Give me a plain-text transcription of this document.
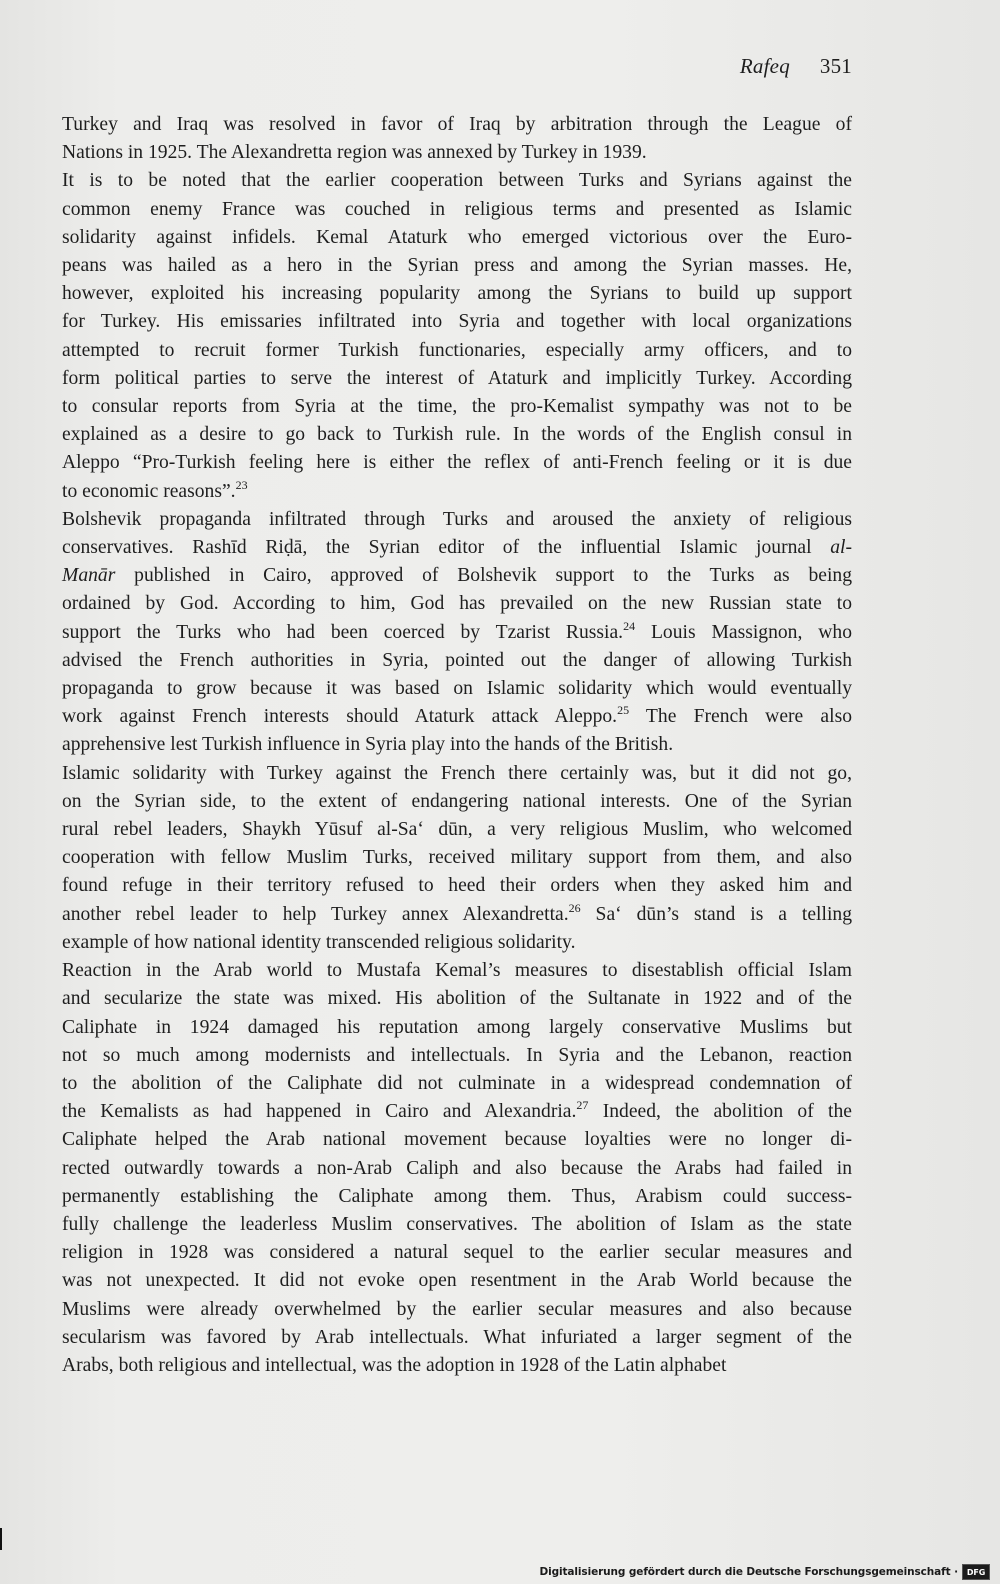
Rafeq 351

Turkey and Iraq was resolved in favor of Iraq by arbitration through the League of
Nations in 1925. The Alexandretta region was annexed by Turkey in 1939.

It is to be noted that the earlier cooperation between Turks and Syrians against the
common enemy France was couched in religious terms and presented as Islamic
solidarity against infidels. Kemal Ataturk who emerged victorious over the Euro-
peans was hailed as a hero in the Syrian press and among the Syrian masses. He,
however, exploited his increasing popularity among the Syrians to build up support
for Turkey. His emissaries infiltrated into Syria and together with local organizations
attempted to recruit former Turkish functionaries, especially army officers, and to
form political parties to serve the interest of Ataturk and implicitly Turkey. According
to consular reports from Syria at the time, the pro-Kemalist sympathy was not to be
explained as a desire to go back to Turkish rule. In the words of the English consul in
Aleppo “Pro-Turkish feeling here is either the reflex of anti-French feeling or it is due
to economic reasons”.$^{23}$

Bolshevik propaganda infiltrated through Turks and aroused the anxiety of religious
conservatives. Rashīd Riḍā, the Syrian editor of the influential Islamic journal al-
Manār published in Cairo, approved of Bolshevik support to the Turks as being
ordained by God. According to him, God has prevailed on the new Russian state to
support the Turks who had been coerced by Tzarist Russia.$^{24}$ Louis Massignon, who
advised the French authorities in Syria, pointed out the danger of allowing Turkish
propaganda to grow because it was based on Islamic solidarity which would eventually
work against French interests should Ataturk attack Aleppo.$^{25}$ The French were also
apprehensive lest Turkish influence in Syria play into the hands of the British.

Islamic solidarity with Turkey against the French there certainly was, but it did not go,
on the Syrian side, to the extent of endangering national interests. One of the Syrian
rural rebel leaders, Shaykh Yūsuf al-Sa‘ dūn, a very religious Muslim, who welcomed
cooperation with fellow Muslim Turks, received military support from them, and also
found refuge in their territory refused to heed their orders when they asked him and
another rebel leader to help Turkey annex Alexandretta.$^{26}$ Sa‘ dūn’s stand is a telling
example of how national identity transcended religious solidarity.

Reaction in the Arab world to Mustafa Kemal’s measures to disestablish official Islam
and secularize the state was mixed. His abolition of the Sultanate in 1922 and of the
Caliphate in 1924 damaged his reputation among largely conservative Muslims but
not so much among modernists and intellectuals. In Syria and the Lebanon, reaction
to the abolition of the Caliphate did not culminate in a widespread condemnation of
the Kemalists as had happened in Cairo and Alexandria.$^{27}$ Indeed, the abolition of the
Caliphate helped the Arab national movement because loyalties were no longer di-
rected outwardly towards a non-Arab Caliph and also because the Arabs had failed in
permanently establishing the Caliphate among them. Thus, Arabism could success-
fully challenge the leaderless Muslim conservatives. The abolition of Islam as the state
religion in 1928 was considered a natural sequel to the earlier secular measures and
was not unexpected. It did not evoke open resentment in the Arab World because the
Muslims were already overwhelmed by the earlier secular measures and also because
secularism was favored by Arab intellectuals. What infuriated a larger segment of the
Arabs, both religious and intellectual, was the adoption in 1928 of the Latin alphabet

Digitalisierung gefördert durch die Deutsche Forschungsgemeinschaft ·	DFG
